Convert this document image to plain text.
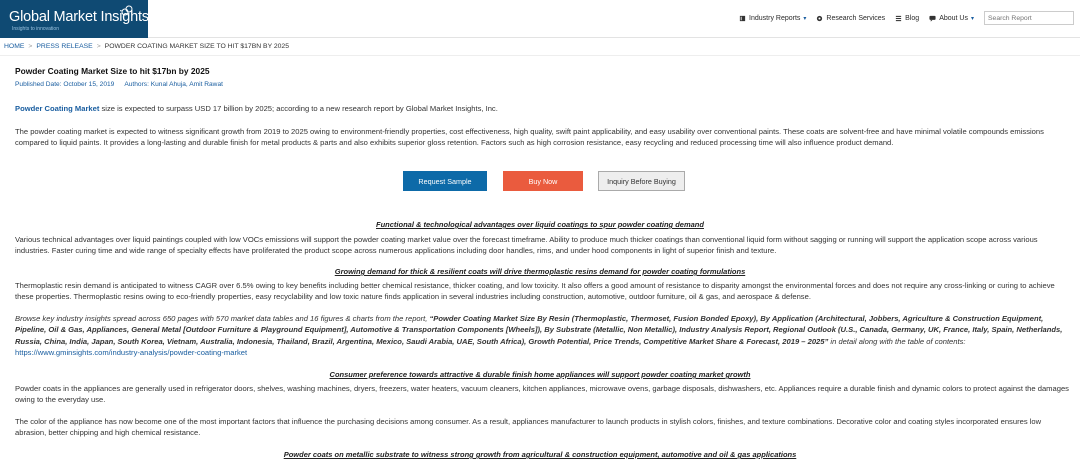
Global Market Insights
Insights to innovation
Industry Reports ▾	Research Services	Blog	About Us ▾
Search Report
HOME > PRESS RELEASE > POWDER COATING MARKET SIZE TO HIT $17BN BY 2025
Powder Coating Market Size to hit $17bn by 2025
Published Date: October 15, 2019 Authors: Kunal Ahuja, Amit Rawat
Powder Coating Market size is expected to surpass USD 17 billion by 2025; according to a new research report by Global Market Insights, Inc.
The powder coating market is expected to witness significant growth from 2019 to 2025 owing to environment-friendly properties, cost effectiveness, high quality, swift paint applicability, and easy usability over conventional paints. These coats are solvent-free and have minimal volatile compounds emissions compared to liquid paints. It provides a long-lasting and durable finish for metal products & parts and also exhibits superior gloss retention. Factors such as high corrosion resistance, easy recycling and reduced processing time will also influence product demand.
Request Sample	Buy Now	Inquiry Before Buying
Functional & technological advantages over liquid coatings to spur powder coating demand
Various technical advantages over liquid paintings coupled with low VOCs emissions will support the powder coating market value over the forecast timeframe. Ability to produce much thicker coatings than conventional liquid form without sagging or running will support the application scope across various industries. Faster curing time and wide range of specialty effects have proliferated the product scope across numerous applications including door handles, rims, and under hood components in light of superior finish and texture.
Growing demand for thick & resilient coats will drive thermoplastic resins demand for powder coating formulations
Thermoplastic resin demand is anticipated to witness CAGR over 6.5% owing to key benefits including better chemical resistance, thicker coating, and low toxicity. It also offers a good amount of resistance to disparity amongst the environmental forces and does not require any cross-linking or curing to achieve these properties. Thermoplastic resins owing to eco-friendly properties, easy recyclability and low toxic nature finds application in several industries including construction, automotive, outdoor furniture, oil & gas, and aerospace & defense.
Browse key industry insights spread across 650 pages with 570 market data tables and 16 figures & charts from the report, “Powder Coating Market Size By Resin (Thermoplastic, Thermoset, Fusion Bonded Epoxy), By Application (Architectural, Jobbers, Agriculture & Construction Equipment, Pipeline, Oil & Gas, Appliances, General Metal [Outdoor Furniture & Playground Equipment], Automotive & Transportation Components [Wheels]), By Substrate (Metallic, Non Metallic), Industry Analysis Report, Regional Outlook (U.S., Canada, Germany, UK, France, Italy, Spain, Netherlands, Russia, China, India, Japan, South Korea, Vietnam, Australia, Indonesia, Thailand, Brazil, Argentina, Mexico, Saudi Arabia, UAE, South Africa), Growth Potential, Price Trends, Competitive Market Share & Forecast, 2019 – 2025” in detail along with the table of contents:
https://www.gminsights.com/industry-analysis/powder-coating-market
Consumer preference towards attractive & durable finish home appliances will support powder coating market growth
Powder coats in the appliances are generally used in refrigerator doors, shelves, washing machines, dryers, freezers, water heaters, vacuum cleaners, kitchen appliances, microwave ovens, garbage disposals, dishwashers, etc. Appliances require a durable finish and dynamic colors to protect against the damages owing to the everyday use.
The color of the appliance has now become one of the most important factors that influence the purchasing decisions among consumer. As a result, appliances manufacturer to launch products in stylish colors, finishes, and texture combinations. Decorative color and coating styles incorporated ensures low abrasion, better chipping and high chemical resistance.
Powder coats on metallic substrate to witness strong growth from agricultural & construction equipment, automotive and oil & gas applications
